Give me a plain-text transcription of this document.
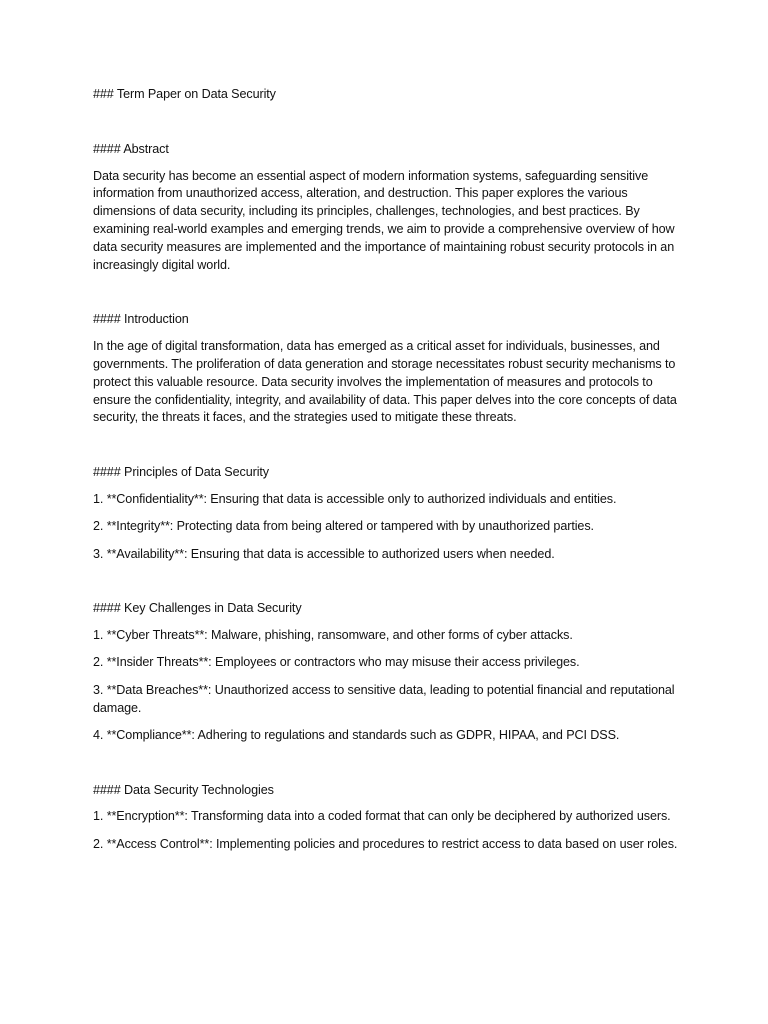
### Term Paper on Data Security
#### Abstract

Data security has become an essential aspect of modern information systems, safeguarding sensitive information from unauthorized access, alteration, and destruction. This paper explores the various dimensions of data security, including its principles, challenges, technologies, and best practices. By examining real-world examples and emerging trends, we aim to provide a comprehensive overview of how data security measures are implemented and the importance of maintaining robust security protocols in an increasingly digital world.

#### Introduction

In the age of digital transformation, data has emerged as a critical asset for individuals, businesses, and governments. The proliferation of data generation and storage necessitates robust security mechanisms to protect this valuable resource. Data security involves the implementation of measures and protocols to ensure the confidentiality, integrity, and availability of data. This paper delves into the core concepts of data security, the threats it faces, and the strategies used to mitigate these threats.

#### Principles of Data Security
1. **Confidentiality**: Ensuring that data is accessible only to authorized individuals and entities.
2. **Integrity**: Protecting data from being altered or tampered with by unauthorized parties.
3. **Availability**: Ensuring that data is accessible to authorized users when needed.
#### Key Challenges in Data Security
1. **Cyber Threats**: Malware, phishing, ransomware, and other forms of cyber attacks.
2. **Insider Threats**: Employees or contractors who may misuse their access privileges.
3. **Data Breaches**: Unauthorized access to sensitive data, leading to potential financial and reputational damage.
4. **Compliance**: Adhering to regulations and standards such as GDPR, HIPAA, and PCI DSS.
#### Data Security Technologies
1. **Encryption**: Transforming data into a coded format that can only be deciphered by authorized users.
2. **Access Control**: Implementing policies and procedures to restrict access to data based on user roles.
